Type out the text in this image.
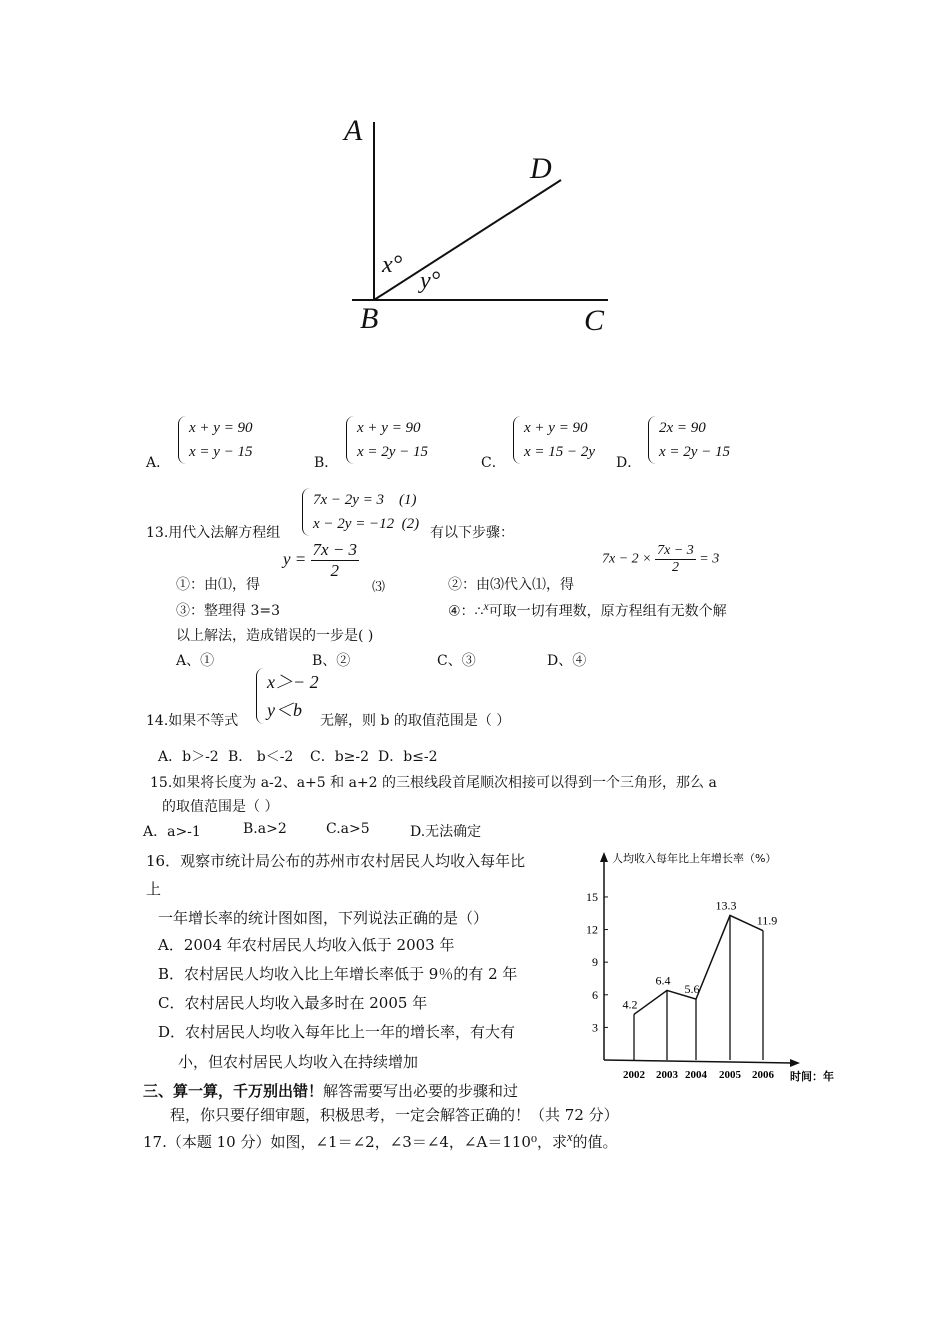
A
D
B	C
x°
y°
A．
x + y = 90
x = y − 15
B．
x + y = 90
x = 2y − 15
C．
x + y = 90
x = 15 − 2y
D．
2x = 90
x = 2y − 15
13.用代入法解方程组
7x − 2y = 3    (1)
x − 2y = −12  (2)
有以下步骤：
①：由⑴，得
$y = \frac{7x - 3}{2}$
⑶	②：由⑶代入⑴，得
$7x - 2 \times \frac{7x - 3}{2} = 3$
③：整理得 3=3	④：∴$^x$可取一切有理数，原方程组有无数个解
以上解法，造成错误的一步是( )
A、①	B、②	C、③	D、④
14.如果不等式
x＞− 2
y＜b
无解，则 b 的取值范围是（ ）
A．b＞-2 B． b＜-2 C．b≥-2 D．b≤-2
15.如果将长度为 a-2、a+5 和 a+2 的三根线段首尾顺次相接可以得到一个三角形，那么 a
的取值范围是（ ）
A．a>-1	B.a>2	C.a>5	D.无法确定
16．观察市统计局公布的苏州市农村居民人均收入每年比
上
一年增长率的统计图如图，下列说法正确的是（）
A．2004 年农村居民人均收入低于 2003 年
B．农村居民人均收入比上年增长率低于 9％的有 2 年
C．农村居民人均收入最多时在 2005 年
D．农村居民人均收入每年比上一年的增长率，有大有
小，但农村居民人均收入在持续增加
人均收入每年比上年增长率（%）
3
6
9
12
15
2002
4.2
2003
6.4
2004
5.6
2005
13.3
2006
11.9
时间：年
三、算一算，千万别出错！解答需要写出必要的步骤和过
程，你只要仔细审题，积极思考，一定会解答正确的！（共 72 分）
17.（本题 10 分）如图，∠1＝∠2，∠3＝∠4，∠A＝110⁰，求$^x$的值。
